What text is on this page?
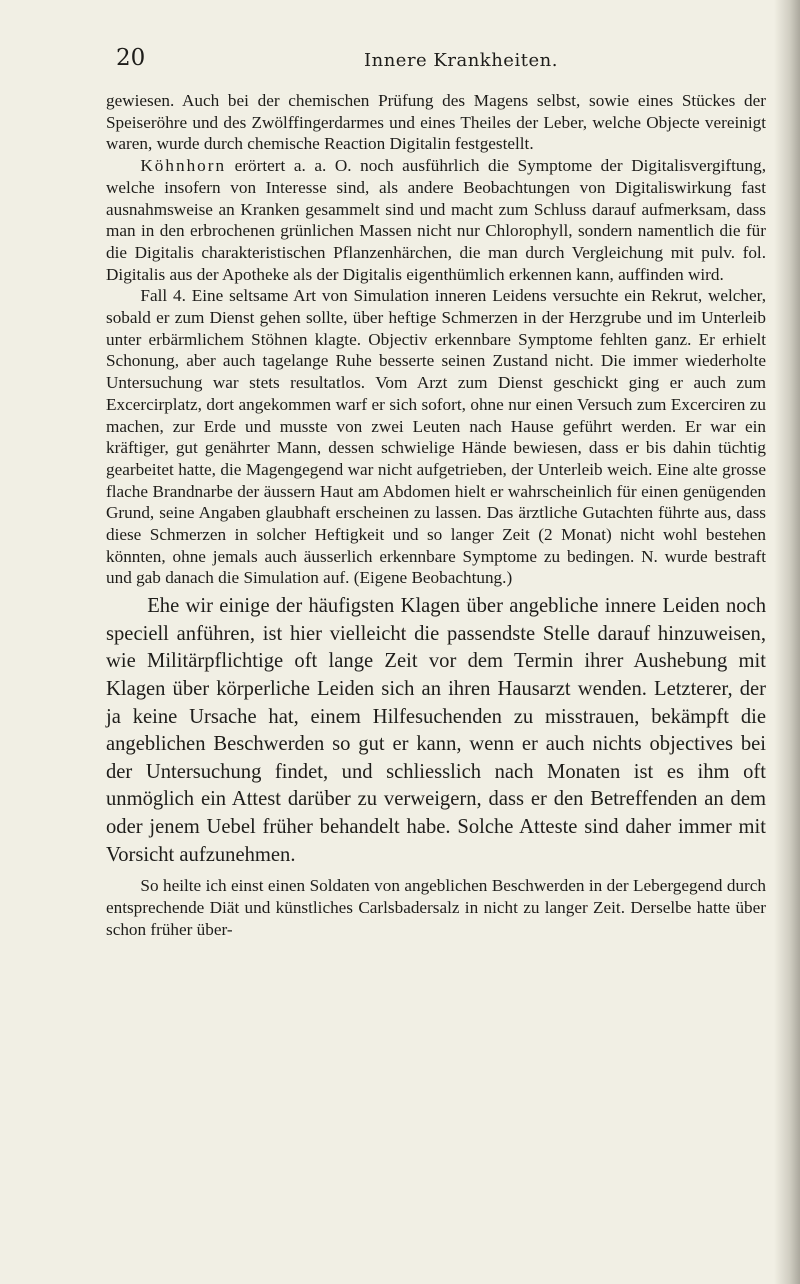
20	Innere Krankheiten.

gewiesen. Auch bei der chemischen Prüfung des Magens selbst, sowie eines Stückes der Speiseröhre und des Zwölffingerdarmes und eines Theiles der Leber, welche Objecte vereinigt waren, wurde durch chemische Reaction Digitalin festgestellt.

Köhnhorn erörtert a. a. O. noch ausführlich die Symptome der Digitalisvergiftung, welche insofern von Interesse sind, als andere Beobachtungen von Digitaliswirkung fast ausnahmsweise an Kranken gesammelt sind und macht zum Schluss darauf aufmerksam, dass man in den erbrochenen grünlichen Massen nicht nur Chlorophyll, sondern namentlich die für die Digitalis charakteristischen Pflanzenhärchen, die man durch Vergleichung mit pulv. fol. Digitalis aus der Apotheke als der Digitalis eigenthümlich erkennen kann, auffinden wird.

Fall 4. Eine seltsame Art von Simulation inneren Leidens versuchte ein Rekrut, welcher, sobald er zum Dienst gehen sollte, über heftige Schmerzen in der Herzgrube und im Unterleib unter erbärmlichem Stöhnen klagte. Objectiv erkennbare Symptome fehlten ganz. Er erhielt Schonung, aber auch tagelange Ruhe besserte seinen Zustand nicht. Die immer wiederholte Untersuchung war stets resultatlos. Vom Arzt zum Dienst geschickt ging er auch zum Excercirplatz, dort angekommen warf er sich sofort, ohne nur einen Versuch zum Excerciren zu machen, zur Erde und musste von zwei Leuten nach Hause geführt werden. Er war ein kräftiger, gut genährter Mann, dessen schwielige Hände bewiesen, dass er bis dahin tüchtig gearbeitet hatte, die Magengegend war nicht aufgetrieben, der Unterleib weich. Eine alte grosse flache Brandnarbe der äussern Haut am Abdomen hielt er wahrscheinlich für einen genügenden Grund, seine Angaben glaubhaft erscheinen zu lassen. Das ärztliche Gutachten führte aus, dass diese Schmerzen in solcher Heftigkeit und so langer Zeit (2 Monat) nicht wohl bestehen könnten, ohne jemals auch äusserlich erkennbare Symptome zu bedingen. N. wurde bestraft und gab danach die Simulation auf. (Eigene Beobachtung.)

Ehe wir einige der häufigsten Klagen über angebliche innere Leiden noch speciell anführen, ist hier vielleicht die passendste Stelle darauf hinzuweisen, wie Militärpflichtige oft lange Zeit vor dem Termin ihrer Aushebung mit Klagen über körperliche Leiden sich an ihren Hausarzt wenden. Letzterer, der ja keine Ursache hat, einem Hilfesuchenden zu misstrauen, bekämpft die angeblichen Beschwerden so gut er kann, wenn er auch nichts objectives bei der Untersuchung findet, und schliesslich nach Monaten ist es ihm oft unmöglich ein Attest darüber zu verweigern, dass er den Betreffenden an dem oder jenem Uebel früher behandelt habe. Solche Atteste sind daher immer mit Vorsicht aufzunehmen.

So heilte ich einst einen Soldaten von angeblichen Beschwerden in der Lebergegend durch entsprechende Diät und künstliches Carlsbadersalz in nicht zu langer Zeit. Derselbe hatte über schon früher über-
